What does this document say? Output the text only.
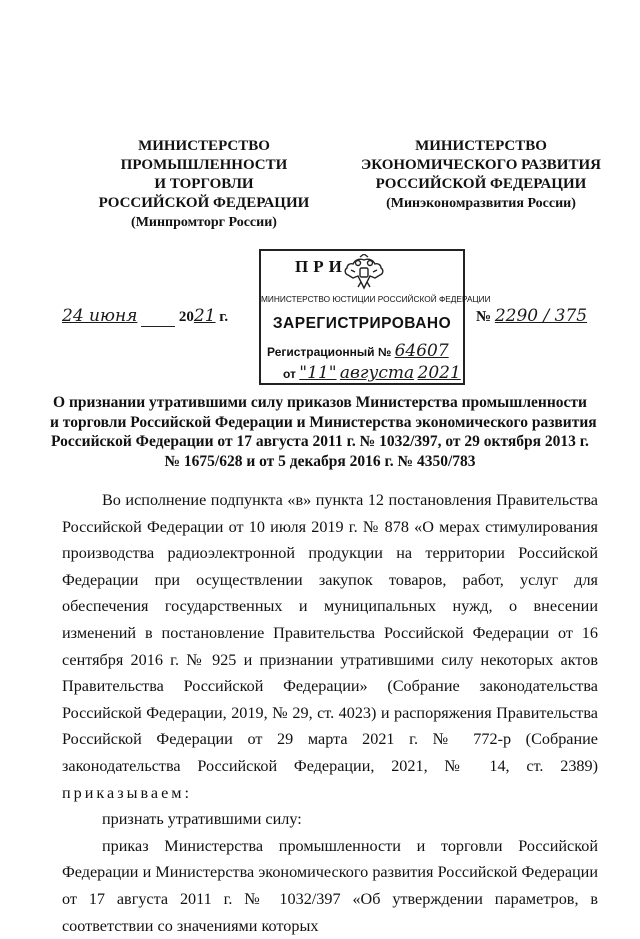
МИНИСТЕРСТВО
ПРОМЫШЛЕННОСТИ
И ТОРГОВЛИ
РОССИЙСКОЙ ФЕДЕРАЦИИ
(Минпромторг России)
МИНИСТЕРСТВО
ЭКОНОМИЧЕСКОГО РАЗВИТИЯ
РОССИЙСКОЙ ФЕДЕРАЦИИ
(Минэкономразвития России)
ПРИ
МИНИСТЕРСТВО ЮСТИЦИИ РОССИЙСКОЙ ФЕДЕРАЦИИ
ЗАРЕГИСТРИРОВАНО
Регистрационный № 64607
от "11" августа 2021
24 июня	2021 г.	№ 2290 / 375
О признании утратившими силу приказов Министерства промышленности
и торговли Российской Федерации и Министерства экономического развития
Российской Федерации от 17 августа 2011 г. № 1032/397, от 29 октября 2013 г.
№ 1675/628 и от 5 декабря 2016 г. № 4350/783

Во исполнение подпункта «в» пункта 12 постановления Правительства Российской Федерации от 10 июля 2019 г. № 878 «О мерах стимулирования производства радиоэлектронной продукции на территории Российской Федерации при осуществлении закупок товаров, работ, услуг для обеспечения государственных и муниципальных нужд, о внесении изменений в постановление Правительства Российской Федерации от 16 сентября 2016 г. № 925 и признании утратившими силу некоторых актов Правительства Российской Федерации» (Собрание законодательства Российской Федерации, 2019, № 29, ст. 4023) и распоряжения Правительства Российской Федерации от 29 марта 2021 г. № 772-р (Собрание законодательства Российской Федерации, 2021, № 14, ст. 2389) приказываем:

признать утратившими силу:

приказ Министерства промышленности и торговли Российской Федерации и Министерства экономического развития Российской Федерации от 17 августа 2011 г. № 1032/397 «Об утверждении параметров, в соответствии со значениями которых
